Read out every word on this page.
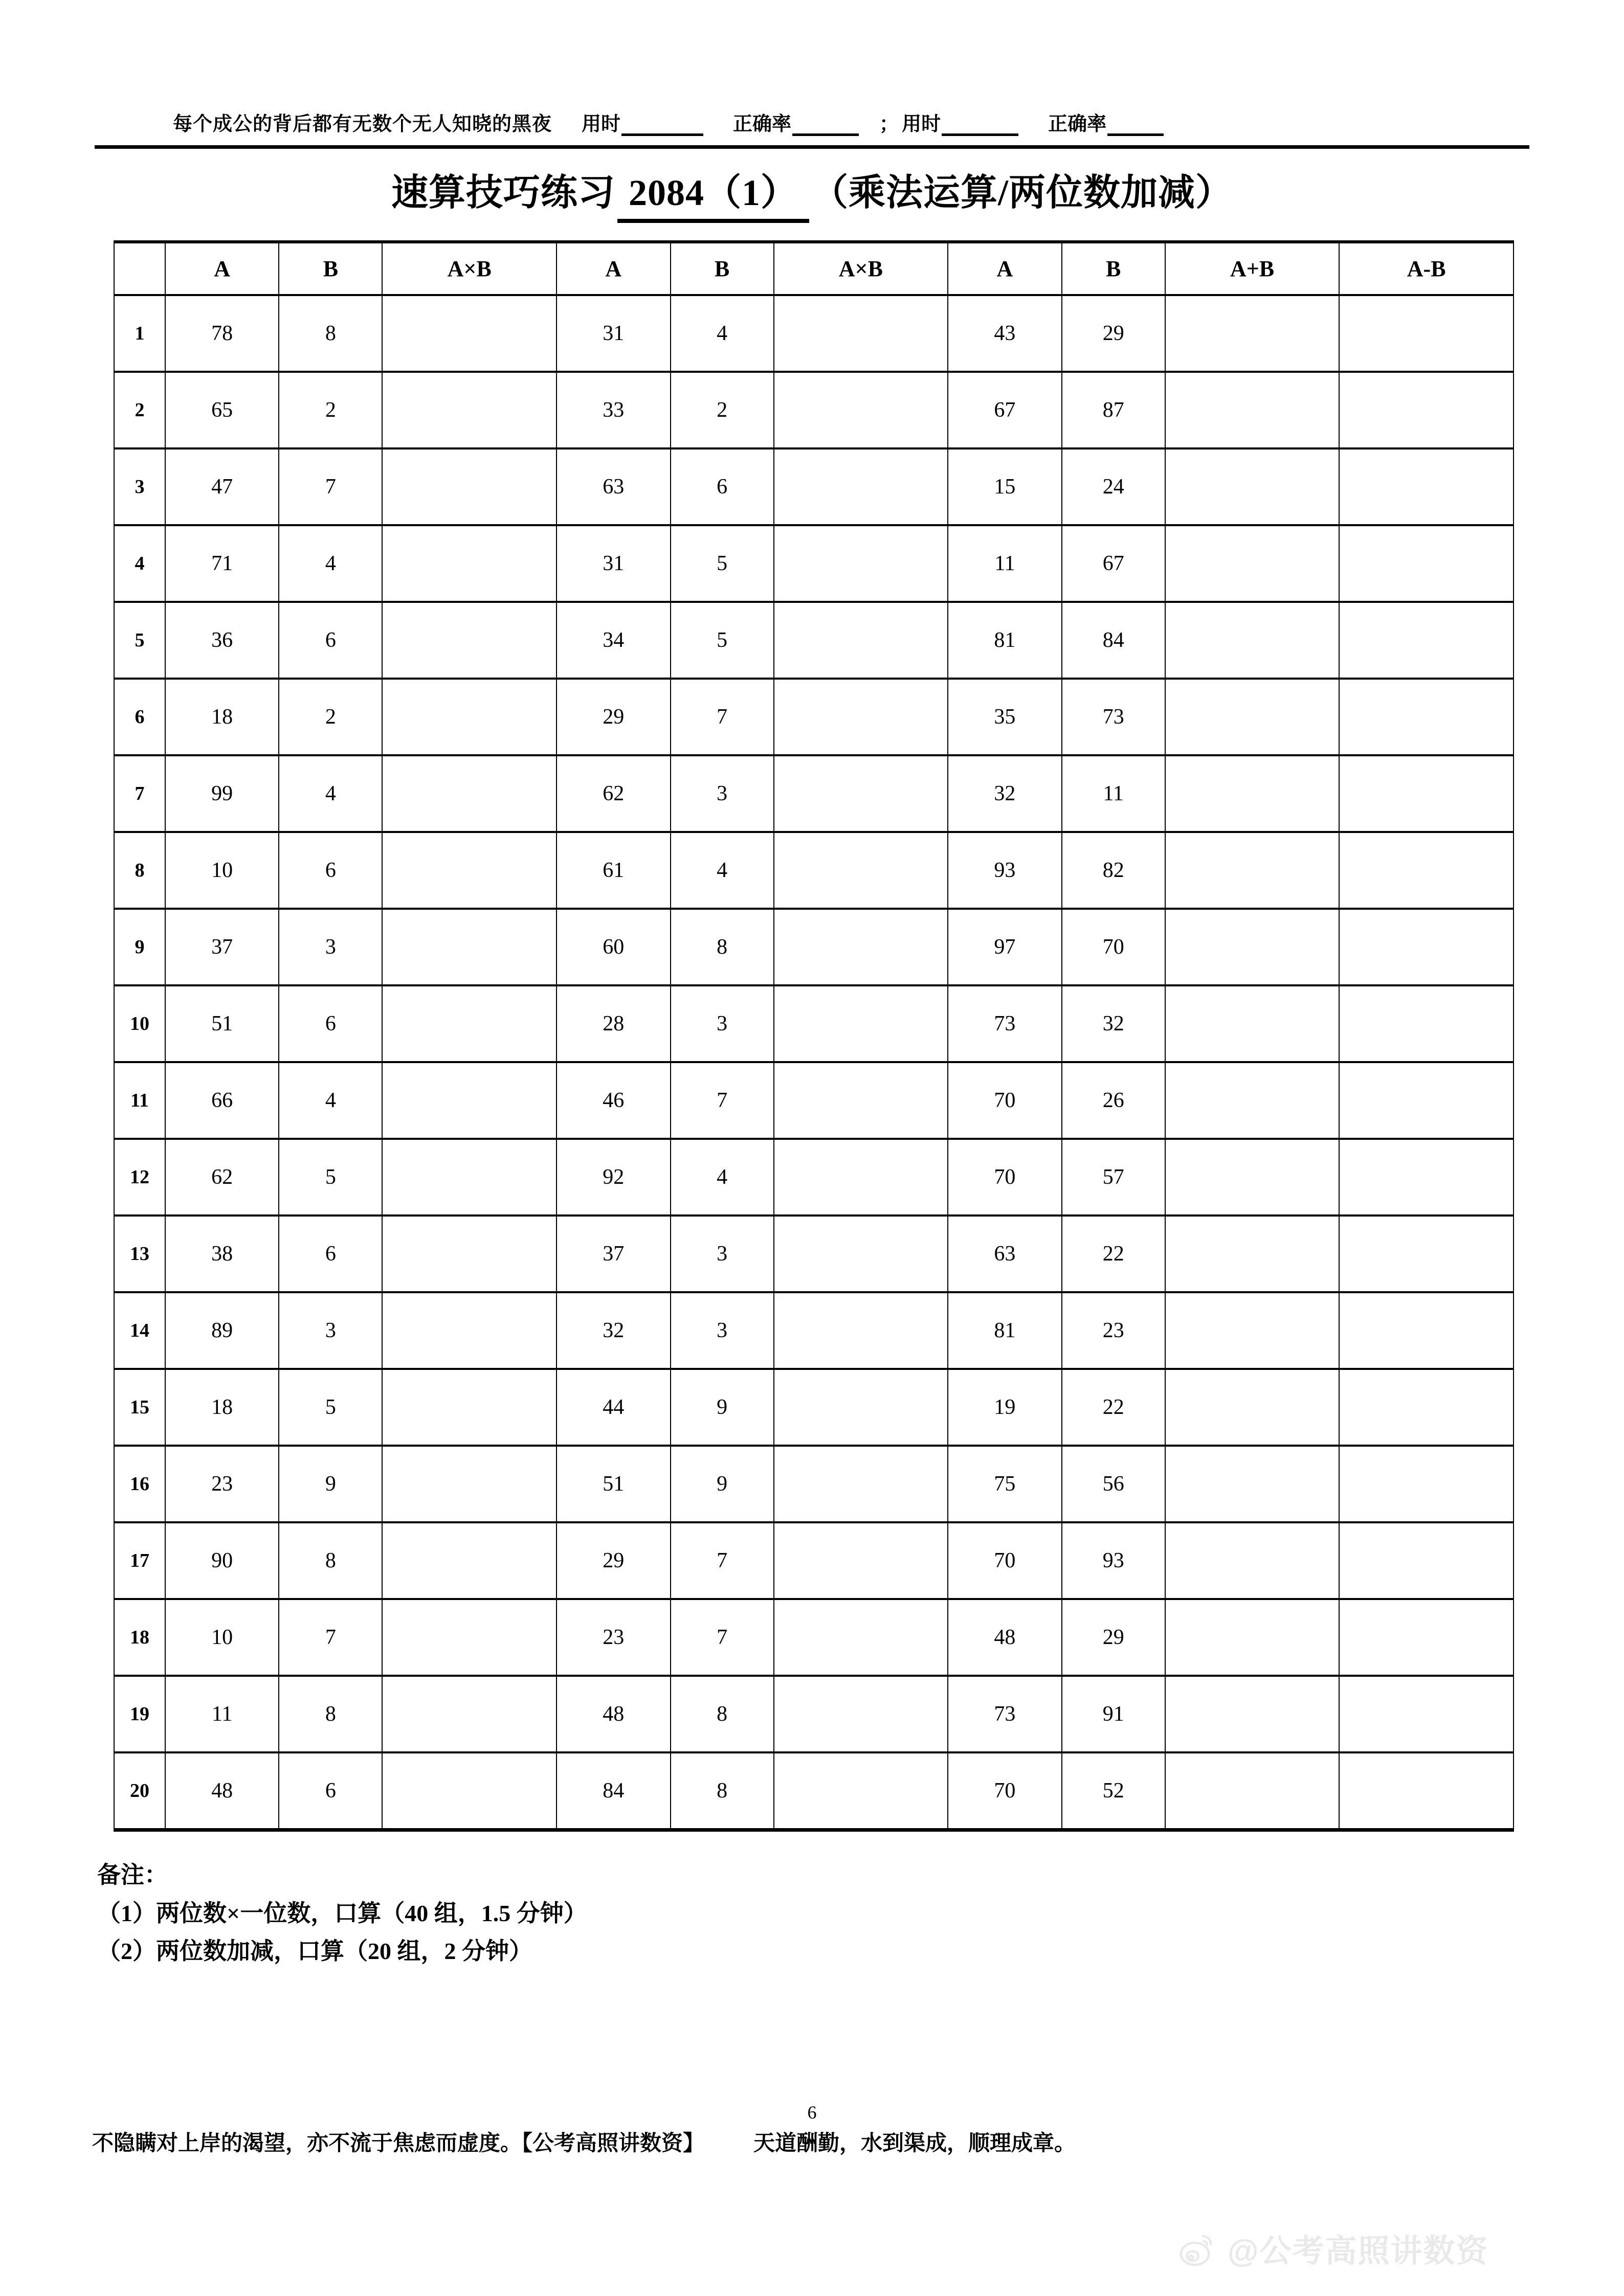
每个成公的背后都有无数个无人知晓的黑夜 用时	正确率	； 用时	正确率
速算技巧练习 2084（1） （乘法运算/两位数加减）
	A	B	A×B	A	B	A×B	A	B	A+B	A-B
1	78	8		31	4		43	29		
2	65	2		33	2		67	87		
3	47	7		63	6		15	24		
4	71	4		31	5		11	67		
5	36	6		34	5		81	84		
6	18	2		29	7		35	73		
7	99	4		62	3		32	11		
8	10	6		61	4		93	82		
9	37	3		60	8		97	70		
10	51	6		28	3		73	32		
11	66	4		46	7		70	26		
12	62	5		92	4		70	57		
13	38	6		37	3		63	22		
14	89	3		32	3		81	23		
15	18	5		44	9		19	22		
16	23	9		51	9		75	56		
17	90	8		29	7		70	93		
18	10	7		23	7		48	29		
19	11	8		48	8		73	91		
20	48	6		84	8		70	52		
备注：
（1）两位数×一位数，口算（40 组，1.5 分钟）
（2）两位数加减，口算（20 组，2 分钟）
6
不隐瞒对上岸的渴望，亦不流于焦虑而虚度。【公考高照讲数资】 天道酬勤，水到渠成，顺理成章。
@公考高照讲数资
